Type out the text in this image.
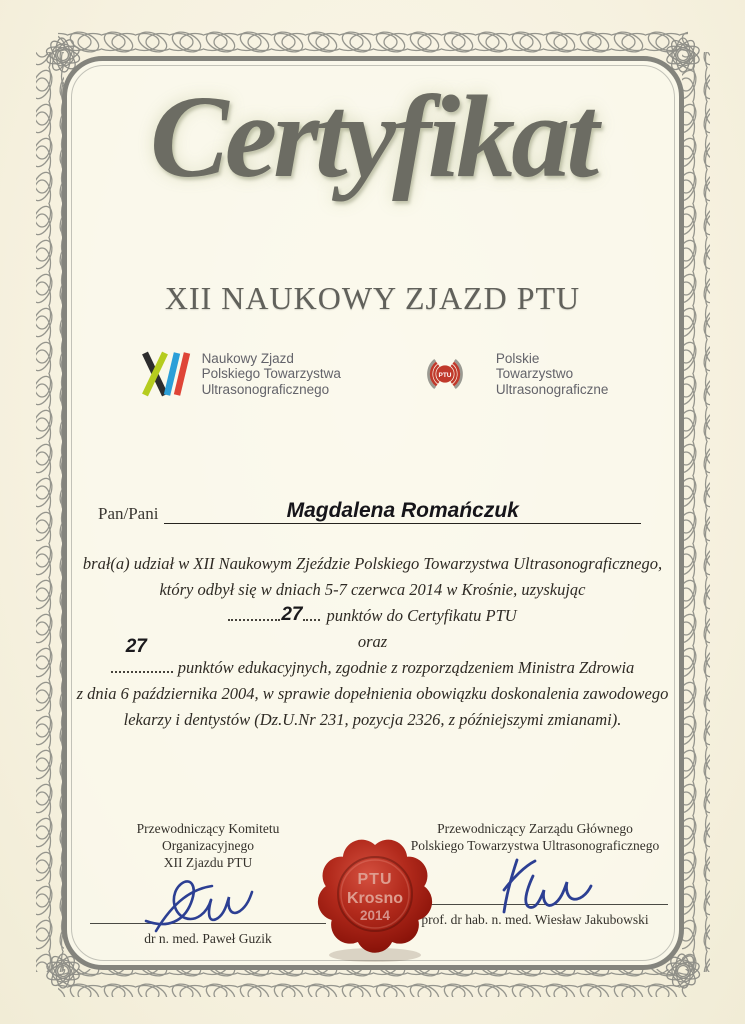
Certyfikat
XII NAUKOWY ZJAZD PTU
Naukowy Zjazd
Polskiego Towarzystwa
Ultrasonograficznego
PTU
Polskie
Towarzystwo
Ultrasonograficzne
Pan/Pani	Magdalena Romańczuk
brał(a) udział w XII Naukowym Zjeździe Polskiego Towarzystwa Ultrasonograficznego,
który odbył się w dniach 5-7 czerwca 2014 w Krośnie, uzyskując
27 punktów do Certyfikatu PTU
oraz
27
punktów edukacyjnych, zgodnie z rozporządzeniem Ministra Zdrowia
z dnia 6 października 2004, w sprawie dopełnienia obowiązku doskonalenia zawodowego
lekarzy i dentystów (Dz.U.Nr 231, pozycja 2326, z późniejszymi zmianami).
Przewodniczący Komitetu Organizacyjnego
XII Zjazdu PTU
dr n. med. Paweł Guzik
Przewodniczący Zarządu Głównego
Polskiego Towarzystwa Ultrasonograficznego
prof. dr hab. n. med. Wiesław Jakubowski
PTU
Krosno
2014
